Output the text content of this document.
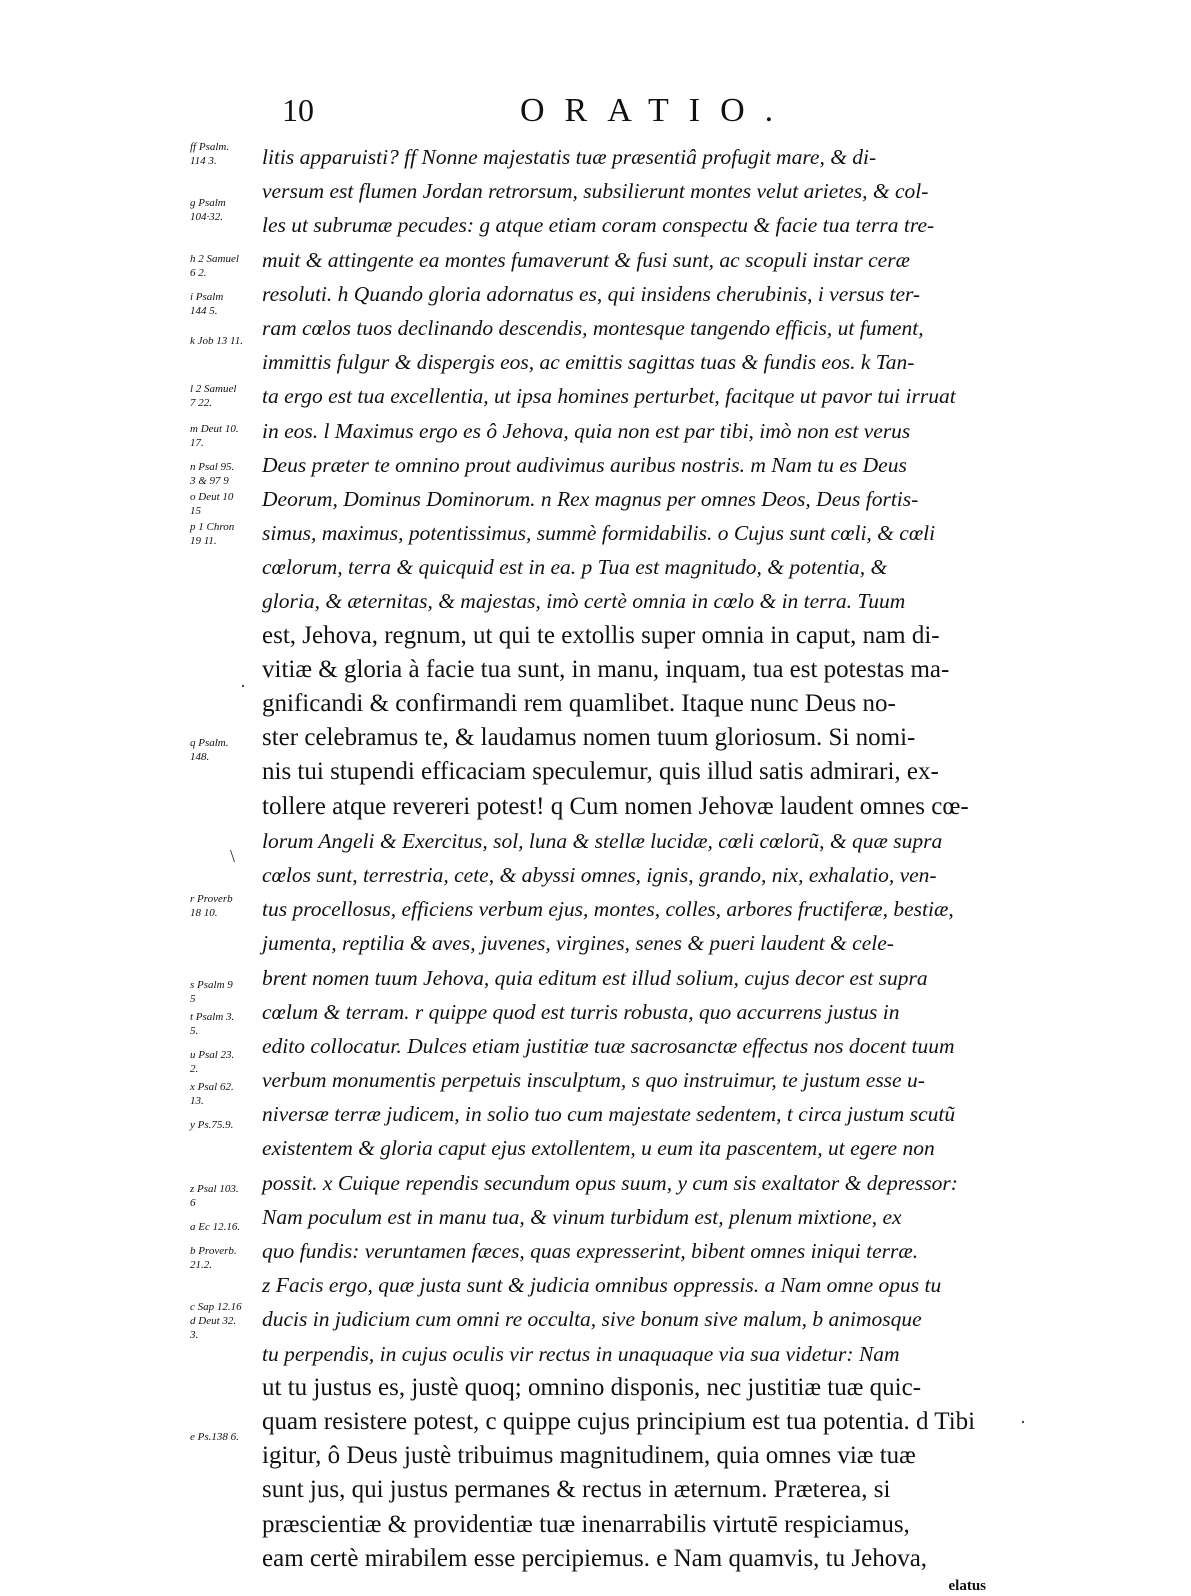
10	ORATIO.
ff Psalm.
114 3.
g Psalm
104·32.
h 2 Samuel
6 2.
i Psalm
144 5.
k Job 13 11.
l 2 Samuel
7 22.
m Deut 10.
17.
n Psal 95.
3 & 97 9
o Deut 10
15
p 1 Chron
19 11.
q Psalm.
148.
r Proverb
18 10.
s Psalm 9
5
t Psalm 3.
5.
u Psal 23.
2.
x Psal 62.
13.
y Ps.75.9.
z Psal 103.
6
a Ec 12.16.
b Proverb.
21.2.
c Sap 12.16
d Deut 32.
3.
e Ps.138 6.
litis apparuisti? ff Nonne majestatis tuæ præsentiâ profugit mare, & di-
versum est flumen Jordan retrorsum, subsilierunt montes velut arietes, & col-
les ut subrumæ pecudes: g atque etiam coram conspectu & facie tua terra tre-
muit & attingente ea montes fumaverunt & fusi sunt, ac scopuli instar ceræ
resoluti. h Quando gloria adornatus es, qui insidens cherubinis, i versus ter-
ram cœlos tuos declinando descendis, montesque tangendo efficis, ut fument,
immittis fulgur & dispergis eos, ac emittis sagittas tuas & fundis eos. k Tan-
ta ergo est tua excellentia, ut ipsa homines perturbet, facitque ut pavor tui irruat
in eos. l Maximus ergo es ô Jehova, quia non est par tibi, imò non est verus
Deus præter te omnino prout audivimus auribus nostris. m Nam tu es Deus
Deorum, Dominus Dominorum. n Rex magnus per omnes Deos, Deus fortis-
simus, maximus, potentissimus, summè formidabilis. o Cujus sunt cœli, & cœli
cœlorum, terra & quicquid est in ea. p Tua est magnitudo, & potentia, &
gloria, & æternitas, & majestas, imò certè omnia in cœlo & in terra. Tuum
est, Jehova, regnum, ut qui te extollis super omnia in caput, nam di-
vitiæ & gloria à facie tua sunt, in manu, inquam, tua est potestas ma-
gnificandi & confirmandi rem quamlibet. Itaque nunc Deus no-
ster celebramus te, & laudamus nomen tuum gloriosum. Si nomi-
nis tui stupendi efficaciam speculemur, quis illud satis admirari, ex-
tollere atque revereri potest! q Cum nomen Jehovæ laudent omnes cœ-
lorum Angeli & Exercitus, sol, luna & stellæ lucidæ, cœli cœlorũ, & quæ supra
cœlos sunt, terrestria, cete, & abyssi omnes, ignis, grando, nix, exhalatio, ven-
tus procellosus, efficiens verbum ejus, montes, colles, arbores fructiferæ, bestiæ,
jumenta, reptilia & aves, juvenes, virgines, senes & pueri laudent & cele-
brent nomen tuum Jehova, quia editum est illud solium, cujus decor est supra
cœlum & terram. r quippe quod est turris robusta, quo accurrens justus in
edito collocatur. Dulces etiam justitiæ tuæ sacrosanctæ effectus nos docent tuum
verbum monumentis perpetuis insculptum, s quo instruimur, te justum esse u-
niversæ terræ judicem, in solio tuo cum majestate sedentem, t circa justum scutũ
existentem & gloria caput ejus extollentem, u eum ita pascentem, ut egere non
possit. x Cuique rependis secundum opus suum, y cum sis exaltator & depressor:
Nam poculum est in manu tua, & vinum turbidum est, plenum mixtione, ex
quo fundis: veruntamen fæces, quas expresserint, bibent omnes iniqui terræ.
z Facis ergo, quæ justa sunt & judicia omnibus oppressis. a Nam omne opus tu
ducis in judicium cum omni re occulta, sive bonum sive malum, b animosque
tu perpendis, in cujus oculis vir rectus in unaquaque via sua videtur: Nam
ut tu justus es, justè quoq; omnino disponis, nec justitiæ tuæ quic-
quam resistere potest, c quippe cujus principium est tua potentia. d Tibi
igitur, ô Deus justè tribuimus magnitudinem, quia omnes viæ tuæ
sunt jus, qui justus permanes & rectus in æternum. Præterea, si
præscientiæ & providentiæ tuæ inenarrabilis virtutē respiciamus,
eam certè mirabilem esse percipiemus. e Nam quamvis, tu Jehova,
elatus
·
\
·
